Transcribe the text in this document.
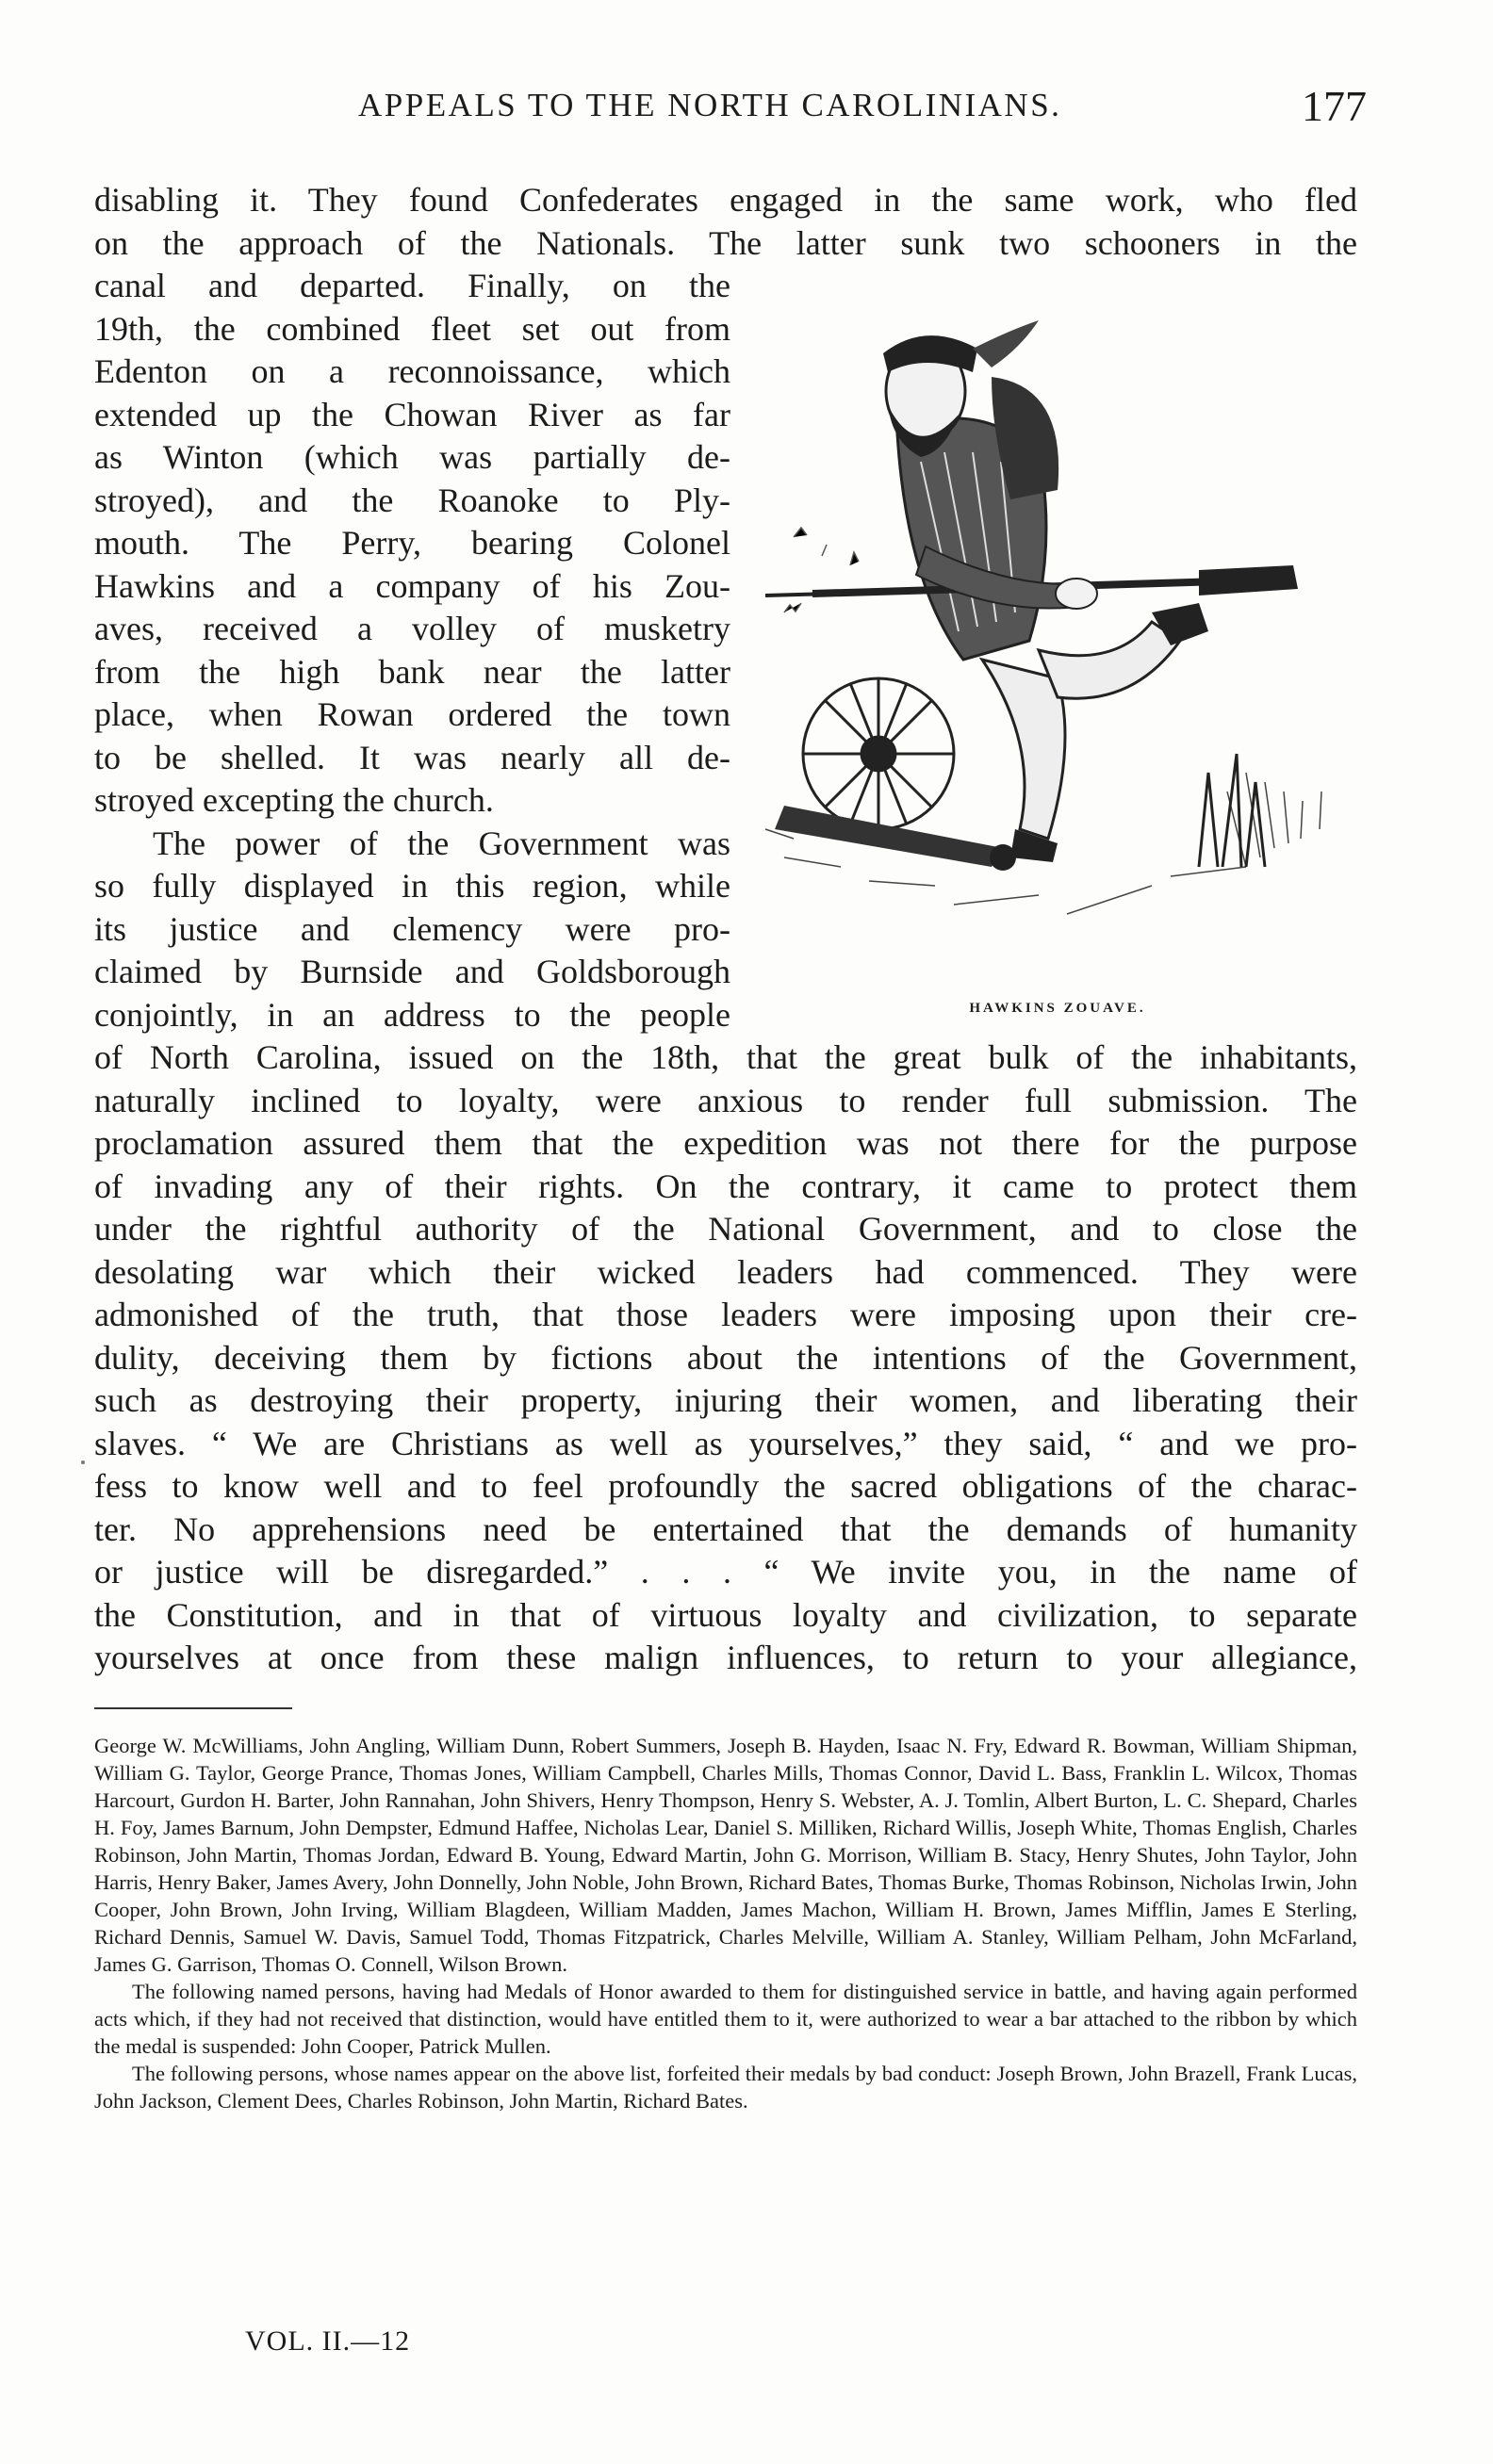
APPEALS TO THE NORTH CAROLINIANS.	177
disabling it. They found Confederates engaged in the same work, who fled
on the approach of the Nationals. The latter sunk two schooners in the
canal and departed. Finally, on the
19th, the combined fleet set out from
Edenton on a reconnoissance, which
extended up the Chowan River as far
as Winton (which was partially de-
stroyed), and the Roanoke to Ply-
mouth. The Perry, bearing Colonel
Hawkins and a company of his Zou-
aves, received a volley of musketry
from the high bank near the latter
place, when Rowan ordered the town
to be shelled. It was nearly all de-
stroyed excepting the church.
The power of the Government was
so fully displayed in this region, while
its justice and clemency were pro-
claimed by Burnside and Goldsborough
conjointly, in an address to the people
of North Carolina, issued on the 18th, that the great bulk of the inhabitants,
naturally inclined to loyalty, were anxious to render full submission. The
proclamation assured them that the expedition was not there for the purpose
of invading any of their rights. On the contrary, it came to protect them
under the rightful authority of the National Government, and to close the
desolating war which their wicked leaders had commenced. They were
admonished of the truth, that those leaders were imposing upon their cre-
dulity, deceiving them by fictions about the intentions of the Government,
such as destroying their property, injuring their women, and liberating their
slaves. “ We are Christians as well as yourselves,” they said, “ and we pro-
fess to know well and to feel profoundly the sacred obligations of the charac-
ter. No apprehensions need be entertained that the demands of humanity
or justice will be disregarded.” . . . “ We invite you, in the name of
the Constitution, and in that of virtuous loyalty and civilization, to separate
yourselves at once from these malign influences, to return to your allegiance,
HAWKINS ZOUAVE.

George W. McWilliams, John Angling, William Dunn, Robert Summers, Joseph B. Hayden, Isaac N. Fry, Edward R. Bowman, William Shipman, William G. Taylor, George Prance, Thomas Jones, William Campbell, Charles Mills, Thomas Connor, David L. Bass, Franklin L. Wilcox, Thomas Harcourt, Gurdon H. Barter, John Rannahan, John Shivers, Henry Thompson, Henry S. Webster, A. J. Tomlin, Albert Burton, L. C. Shepard, Charles H. Foy, James Barnum, John Dempster, Edmund Haffee, Nicholas Lear, Daniel S. Milliken, Richard Willis, Joseph White, Thomas English, Charles Robinson, John Martin, Thomas Jordan, Edward B. Young, Edward Martin, John G. Morrison, William B. Stacy, Henry Shutes, John Taylor, John Harris, Henry Baker, James Avery, John Donnelly, John Noble, John Brown, Richard Bates, Thomas Burke, Thomas Robinson, Nicholas Irwin, John Cooper, John Brown, John Irving, William Blagdeen, William Madden, James Machon, William H. Brown, James Mifflin, James E Sterling, Richard Dennis, Samuel W. Davis, Samuel Todd, Thomas Fitzpatrick, Charles Melville, William A. Stanley, William Pelham, John McFarland, James G. Garrison, Thomas O. Connell, Wilson Brown.

The following named persons, having had Medals of Honor awarded to them for distinguished service in battle, and having again performed acts which, if they had not received that distinction, would have entitled them to it, were authorized to wear a bar attached to the ribbon by which the medal is suspended: John Cooper, Patrick Mullen.

The following persons, whose names appear on the above list, forfeited their medals by bad conduct: Joseph Brown, John Brazell, Frank Lucas, John Jackson, Clement Dees, Charles Robinson, John Martin, Richard Bates.

VOL. II.—12
